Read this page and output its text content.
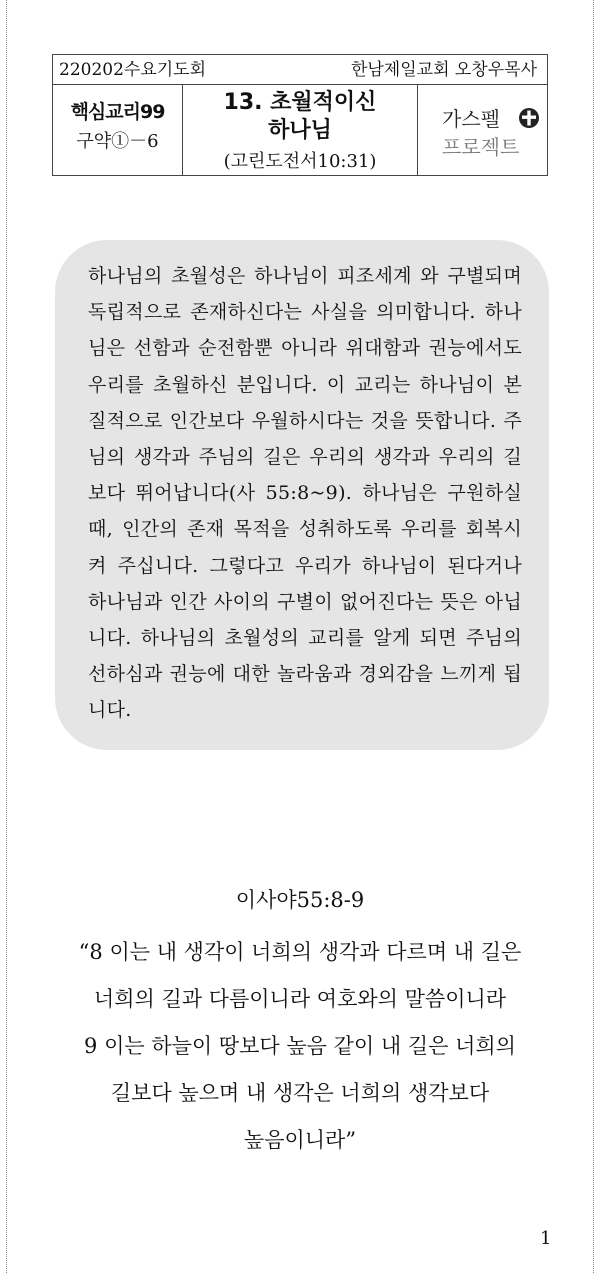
220202수요기도회	한남제일교회 오창우목사
핵심교리99
구약①－6
13. 초월적이신
하나님
(고린도전서10:31)
가스펠
프로젝트

하나님의 초월성은 하나님이 피조세계 와 구별되며 독립적으로 존재하신다는 사실을 의미합니다. 하나님은 선함과 순전함뿐 아니라 위대함과 권능에서도 우리를 초월하신 분입니다. 이 교리는 하나님이 본질적으로 인간보다 우월하시다는 것을 뜻합니다. 주님의 생각과 주님의 길은 우리의 생각과 우리의 길보다 뛰어납니다(사 55:8~9). 하나님은 구원하실 때, 인간의 존재 목적을 성취하도록 우리를 회복시켜 주십니다. 그렇다고 우리가 하나님이 된다거나 하나님과 인간 사이의 구별이 없어진다는 뜻은 아닙니다. 하나님의 초월성의 교리를 알게 되면 주님의 선하심과 권능에 대한 놀라움과 경외감을 느끼게 됩니다.

이사야55:8-9
“8 이는 내 생각이 너희의 생각과 다르며 내 길은
너희의 길과 다름이니라 여호와의 말씀이니라
9 이는 하늘이 땅보다 높음 같이 내 길은 너희의
길보다 높으며 내 생각은 너희의 생각보다
높음이니라”
1
